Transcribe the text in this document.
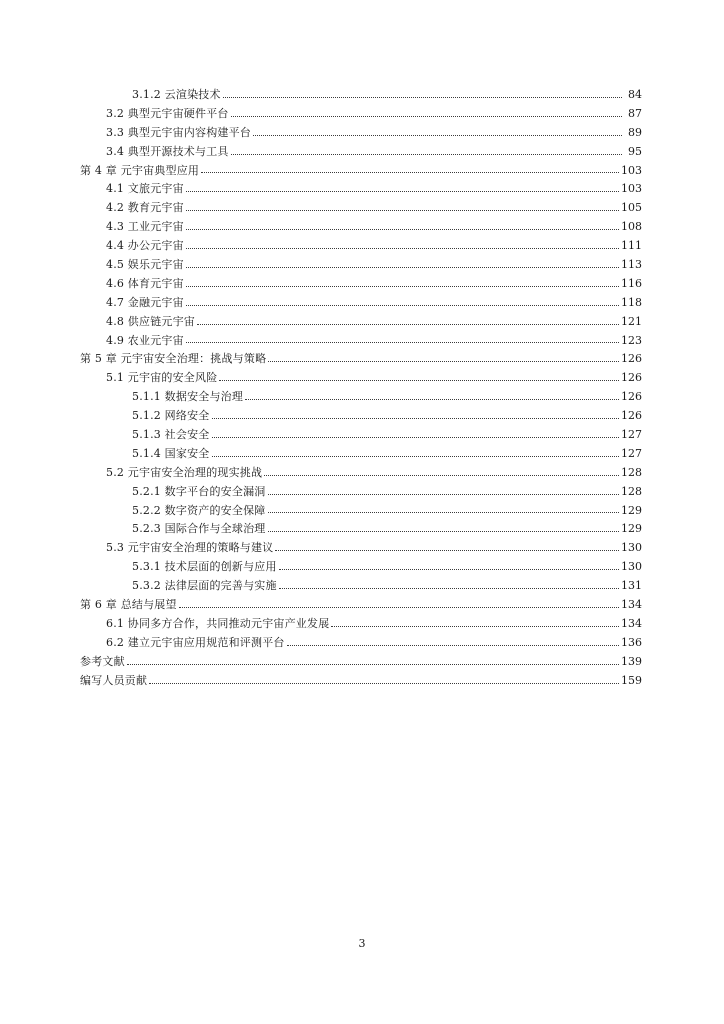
3.1.2 云渲染技术	84
3.2 典型元宇宙硬件平台	87
3.3 典型元宇宙内容构建平台	89
3.4 典型开源技术与工具	95
第 4 章 元宇宙典型应用	103
4.1 文旅元宇宙	103
4.2 教育元宇宙	105
4.3 工业元宇宙	108
4.4 办公元宇宙	111
4.5 娱乐元宇宙	113
4.6 体育元宇宙	116
4.7 金融元宇宙	118
4.8 供应链元宇宙	121
4.9 农业元宇宙	123
第 5 章 元宇宙安全治理：挑战与策略	126
5.1 元宇宙的安全风险	126
5.1.1 数据安全与治理	126
5.1.2 网络安全	126
5.1.3 社会安全	127
5.1.4 国家安全	127
5.2 元宇宙安全治理的现实挑战	128
5.2.1 数字平台的安全漏洞	128
5.2.2 数字资产的安全保障	129
5.2.3 国际合作与全球治理	129
5.3 元宇宙安全治理的策略与建议	130
5.3.1 技术层面的创新与应用	130
5.3.2 法律层面的完善与实施	131
第 6 章 总结与展望	134
6.1 协同多方合作，共同推动元宇宙产业发展	134
6.2 建立元宇宙应用规范和评测平台	136
参考文献	139
编写人员贡献	159
3
